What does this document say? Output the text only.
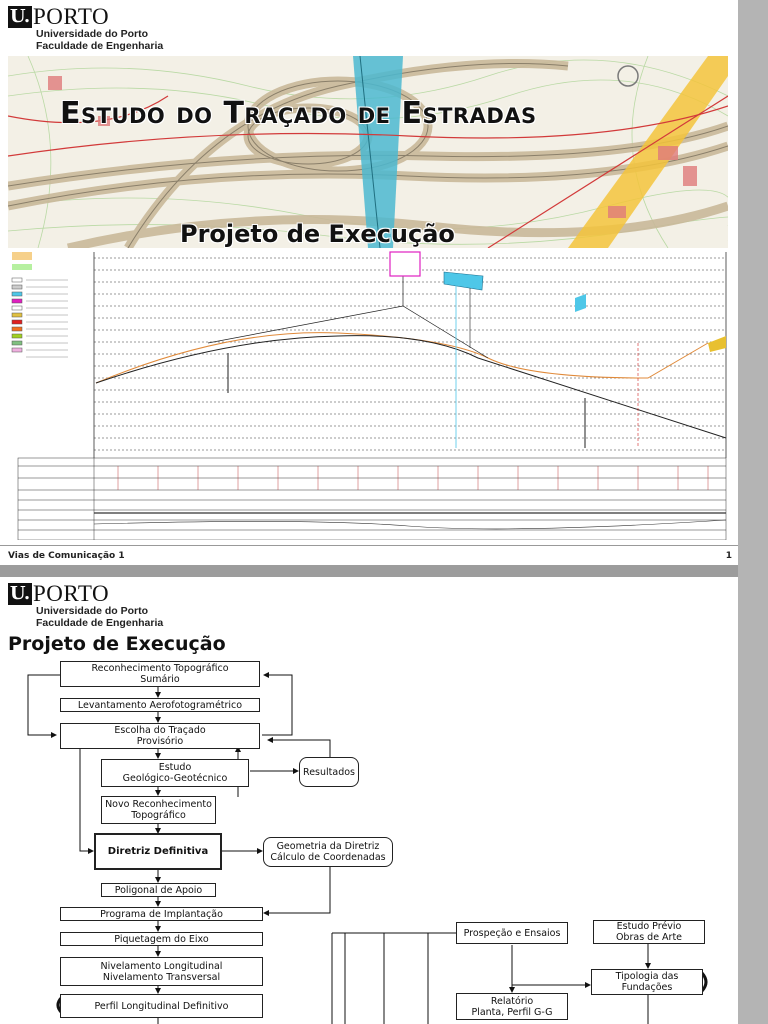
U. PORTO
Universidade do Porto
Faculdade de Engenharia
Estudo do Traçado de Estradas
Projeto de Execução
Vias de Comunicação 1	1
U. PORTO
Universidade do Porto
Faculdade de Engenharia
Projeto de Execução
Reconhecimento Topográfico
Sumário
Levantamento Aerofotogramétrico
Escolha do Traçado
Provisório
Estudo
Geológico-Geotécnico
Resultados
Novo Reconhecimento
Topográfico
Diretriz Definitiva	Geometria da Diretriz
Cálculo de Coordenadas
Poligonal de Apoio
Programa de Implantação
Piquetagem do Eixo
Nivelamento Longitudinal
Nivelamento Transversal
Perfil Longitudinal Definitivo
Prospeção e Ensaios
Relatório
Planta, Perfil G-G
Estudo Prévio
Obras de Arte
Tipologia das
Fundações
